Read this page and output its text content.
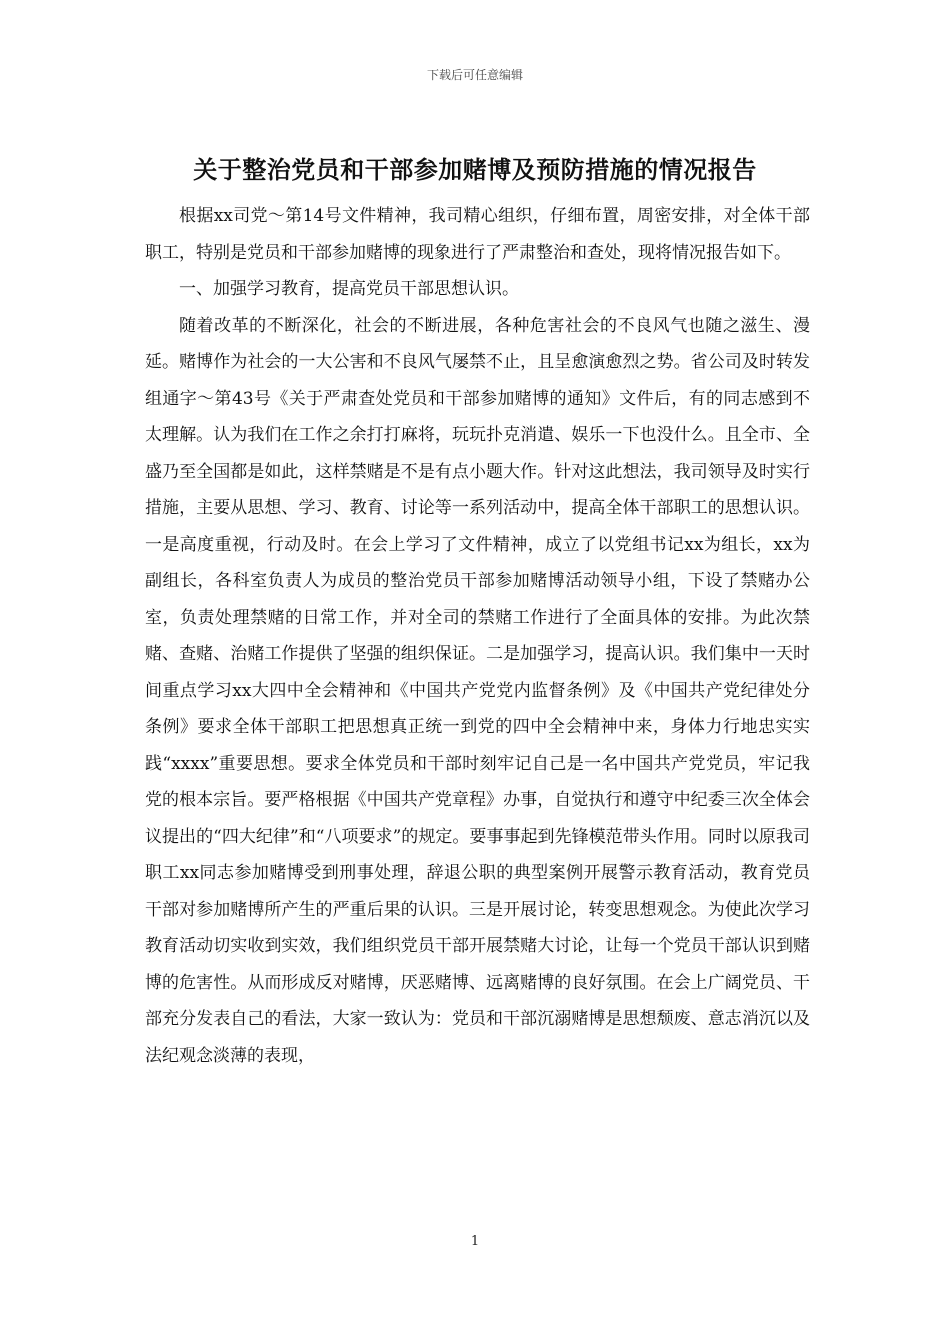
下载后可任意编辑
关于整治党员和干部参加赌博及预防措施的情况报告

根据xx司党～第14号文件精神，我司精心组织，仔细布置，周密安排，对全体干部职工，特别是党员和干部参加赌博的现象进行了严肃整治和查处，现将情况报告如下。

一、加强学习教育，提高党员干部思想认识。

随着改革的不断深化，社会的不断进展，各种危害社会的不良风气也随之滋生、漫延。赌博作为社会的一大公害和不良风气屡禁不止，且呈愈演愈烈之势。省公司及时转发组通字～第43号《关于严肃查处党员和干部参加赌博的通知》文件后，有的同志感到不太理解。认为我们在工作之余打打麻将，玩玩扑克消遣、娱乐一下也没什么。且全市、全盛乃至全国都是如此，这样禁赌是不是有点小题大作。针对这此想法，我司领导及时实行措施，主要从思想、学习、教育、讨论等一系列活动中，提高全体干部职工的思想认识。一是高度重视，行动及时。在会上学习了文件精神，成立了以党组书记xx为组长，xx为副组长，各科室负责人为成员的整治党员干部参加赌博活动领导小组，下设了禁赌办公室，负责处理禁赌的日常工作，并对全司的禁赌工作进行了全面具体的安排。为此次禁赌、查赌、治赌工作提供了坚强的组织保证。二是加强学习，提高认识。我们集中一天时间重点学习xx大四中全会精神和《中国共产党党内监督条例》及《中国共产党纪律处分条例》要求全体干部职工把思想真正统一到党的四中全会精神中来，身体力行地忠实实践“xxxx”重要思想。要求全体党员和干部时刻牢记自己是一名中国共产党党员，牢记我党的根本宗旨。要严格根据《中国共产党章程》办事，自觉执行和遵守中纪委三次全体会议提出的“四大纪律”和“八项要求”的规定。要事事起到先锋模范带头作用。同时以原我司职工xx同志参加赌博受到刑事处理，辞退公职的典型案例开展警示教育活动，教育党员干部对参加赌博所产生的严重后果的认识。三是开展讨论，转变思想观念。为使此次学习教育活动切实收到实效，我们组织党员干部开展禁赌大讨论，让每一个党员干部认识到赌博的危害性。从而形成反对赌博，厌恶赌博、远离赌博的良好氛围。在会上广阔党员、干部充分发表自己的看法，大家一致认为：党员和干部沉溺赌博是思想颓废、意志消沉以及法纪观念淡薄的表现，

1
